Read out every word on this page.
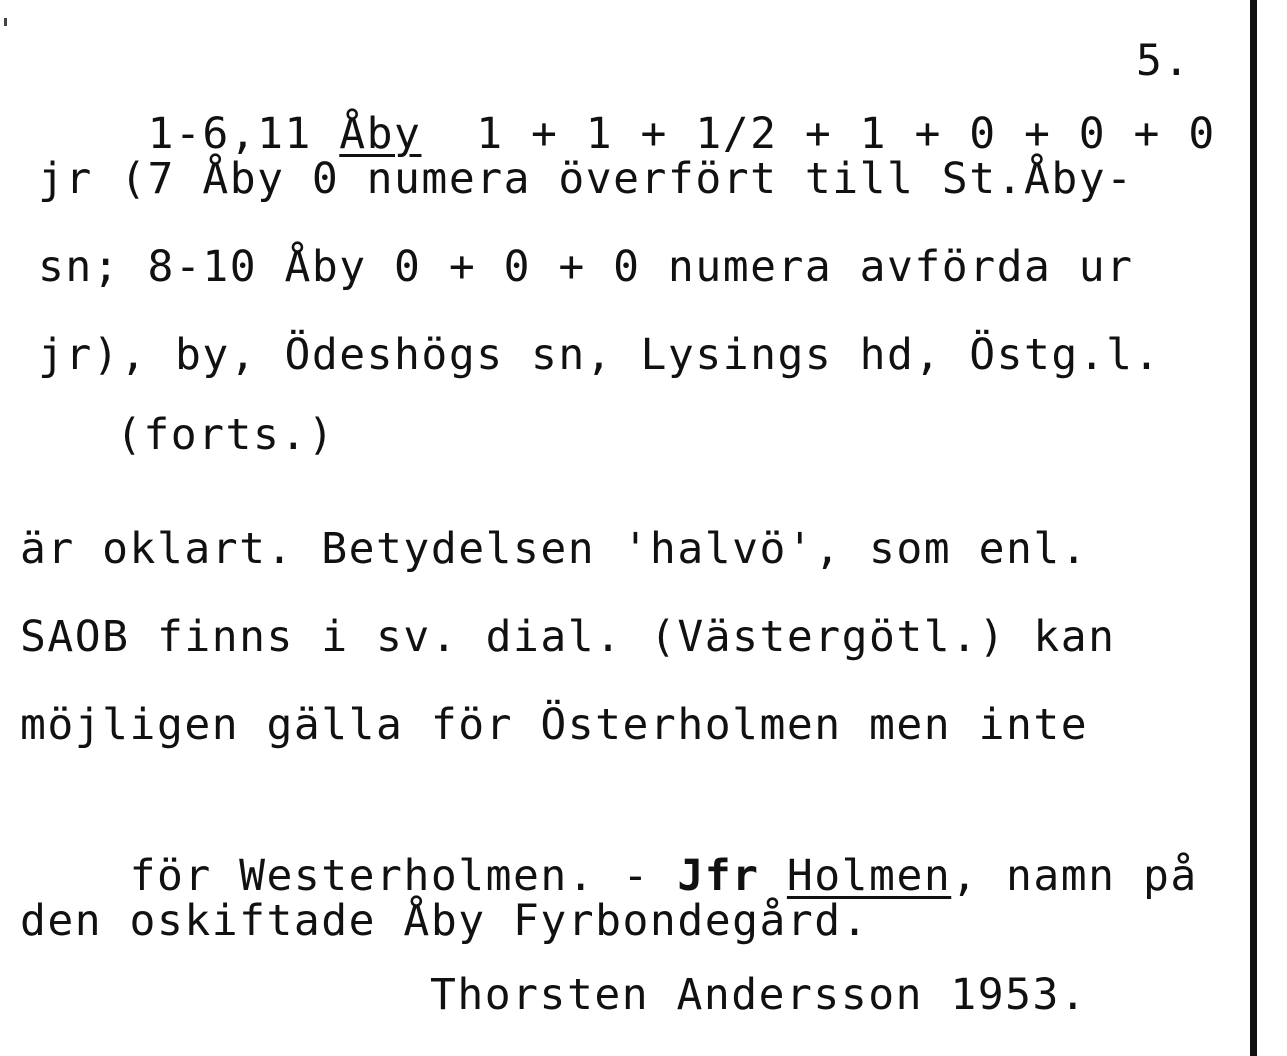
5.

1-6,11 Åby  1 + 1 + 1/2 + 1 + 0 + 0 + 0

jr (7 Åby 0 numera överfört till St.Åby-
sn; 8-10 Åby 0 + 0 + 0 numera avförda ur
jr), by, Ödeshögs sn, Lysings hd, Östg.l.
(forts.)
är oklart. Betydelsen 'halvö', som enl.
SAOB finns i sv. dial. (Västergötl.) kan
möjligen gälla för Österholmen men inte

för Westerholmen. - Jfr Holmen, namn på

den oskiftade Åby Fyrbondegård.
Thorsten Andersson 1953.
